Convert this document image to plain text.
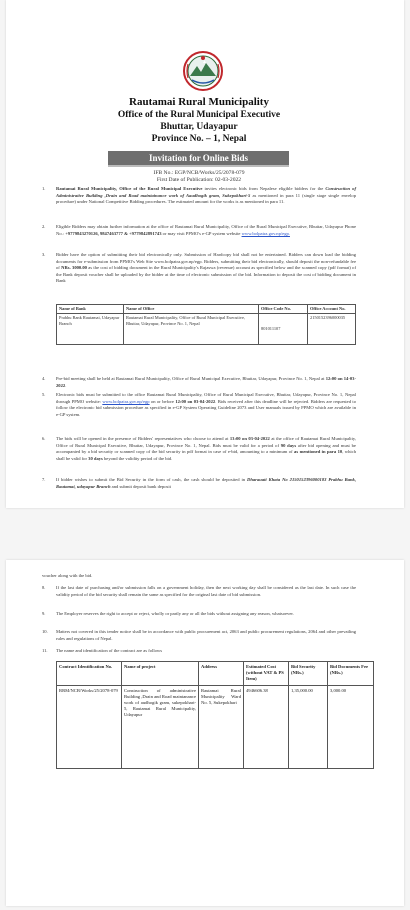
Rautamai Rural Municipality
Office of the Rural Municipal Executive
Bhuttar, Udayapur
Province No. – 1, Nepal
Invitation for Online Bids
IFB No.: EGP/NCB/Works/25/2078-079
First Date of Publication: 02-03-2022
1. Rautamai Rural Municipality, Office of the Rural Municipal Executive invites electronic bids from Nepalese eligible bidders for the Construction of Administrative Building ,Drain and Road maintainance work of Aaudhogik gram, Sukepokhari-5 as mentioned in para 11 (single stage single envelop procedure) under National Competitive Bidding procedures. The estimated amount for the works is as mentioned in para 11.
2. Eligible Bidders may obtain further information at the office of Rautamai Rural Municipality, Office of the Rural Municipal Executive, Bhuttar, Udayapur Phone No.: +9779843270126, 9847463777 & +9779842891743 or may visit PPMO's e-GP system website www.bolpatra.gov.np/egp.
3. Bidder have the option of submitting their bid electronically only. Submission of Hardcopy bid shall not be entertained. Bidders can down load the bidding documents for e-submission from PPMO's Web Site www.bolpatra.gov.np/egp. Bidders, submitting their bid electronically, should deposit the non-refundable fee of NRs. 3000.00 as the cost of bidding document in the Rural Municipality's Rajaswa (revenue) account as specified below and the scanned copy (pdf format) of the Bank deposit voucher shall be uploaded by the bidder at the time of electronic submission of the bid. Information to deposit the cost of bidding document in Bank
Name of Bank	Name of Office	Office Code No.	Office Account No.
Prabhu Bank Rautamai, Udayapur Branch	Rautamai Rural Municipality, Office of Rural Municipal Executive, Bhuttar, Udayapur, Province No. 1, Nepal	801011107	2150152396000035
4. Pre-bid meeting shall be held at Rautamai Rural Municipality, Office of Rural Municipal Executive, Bhuttar, Udayapur, Province No. 1, Nepal at 12:00 on 14-03-2022.
5. Electronic bids must be submitted to the office Rautamai Rural Municipality, Office of Rural Municipal Executive, Bhuttar, Udayapur, Province No. 1, Nepal through PPMO website: www.bolpatra.gov.np/egp on or before 12:00 on 03-04-2022. Bids received after this deadline will be rejected. Bidders are requested to follow the electronic bid submission procedure as specified in e-GP System Operating Guideline 2073 and User manuals issued by PPMO which are available in e-GP system.
6. The bids will be opened in the presence of Bidders' representatives who choose to attend at 13:00 on 03-04-2022 at the office of Rautamai Rural Municipality, Office of Rural Municipal Executive, Bhuttar, Udayapur, Province No. 1, Nepal. Bids must be valid for a period of 90 days after bid opening and must be accompanied by a bid security or scanned copy of the bid security in pdf format in case of e-bid, amounting to a minimum of as mentioned in para 10, which shall be valid for 30 days beyond the validity period of the bid.
7. If bidder wishes to submit the Bid Security in the form of cash, the cash should be deposited in Dharauati Khata No 2150152396000183 Prabhu Bank, Rautamai, udayapur Branch and submit deposit bank deposit
voucher along with the bid.
8. If the last date of purchasing and/or submission falls on a government holiday, then the next working day shall be considered as the last date. In such case the validity period of the bid security shall remain the same as specified for the original last date of bid submission.
9. The Employer reserves the right to accept or reject, wholly or partly any or all the bids without assigning any reason, whatsoever.
10. Matters not covered in this tender notice shall be in accordance with public procurement act, 2063 and public procurement regulations, 2064 and other prevailing rules and regulations of Nepal.
11. The name and identification of the contract are as follows
Contract Identification No.	Name of project	Address	Estimated Cost (without VAT & PS Item)	Bid Security (NRs.)	Bid Documents Fee (NRs.)
RRM/NCB/Works/25/2078-079	Construction of administrative Building ,Drain and Road maintanance work of audhogik gram, sukepokhari-5, Rautamai Rural Municipality, Udayapur	Rautamai Rural Municipality Ward No. 5, Sukepokhari	4946606.38	1,35,000.00	3,000.00
